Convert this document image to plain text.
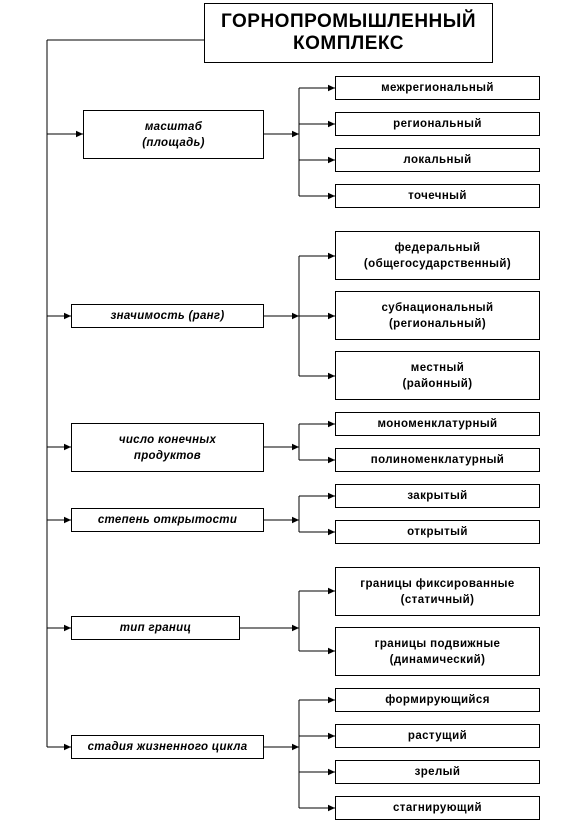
ГОРНОПРОМЫШЛЕННЫЙ
КОМПЛЕКС
масштаб
(площадь)
значимость (ранг)
число конечных
продуктов
степень открытости
тип границ
стадия жизненного цикла
межрегиональный
региональный
локальный
точечный
федеральный
(общегосударственный)
субнациональный
(региональный)
местный
(районный)
мономенклатурный
полиноменклатурный
закрытый
открытый
границы фиксированные
(статичный)
границы подвижные
(динамический)
формирующийся
растущий
зрелый
стагнирующий
